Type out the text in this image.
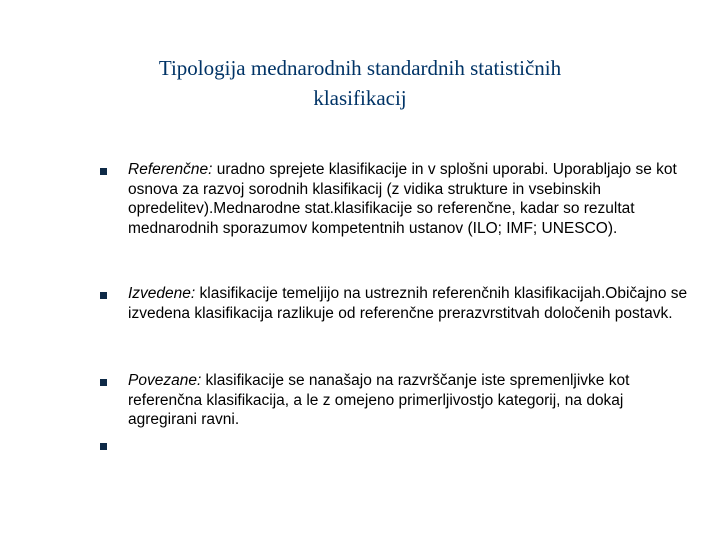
Tipologija mednarodnih standardnih statističnih
klasifikacij

Referenčne: uradno sprejete klasifikacije in v splošni uporabi. Uporabljajo se kot osnova za razvoj sorodnih klasifikacij (z vidika strukture in vsebinskih opredelitev).Mednarodne stat.klasifikacije so referenčne, kadar so rezultat mednarodnih sporazumov kompetentnih ustanov (ILO; IMF; UNESCO).

Izvedene: klasifikacije temeljijo na ustreznih referenčnih klasifikacijah.Običajno se izvedena klasifikacija razlikuje od referenčne prerazvrstitvah določenih postavk.

Povezane: klasifikacije se nanašajo na razvrščanje iste spremenljivke kot referenčna klasifikacija, a le z omejeno primerljivostjo kategorij, na dokaj agregirani ravni.
